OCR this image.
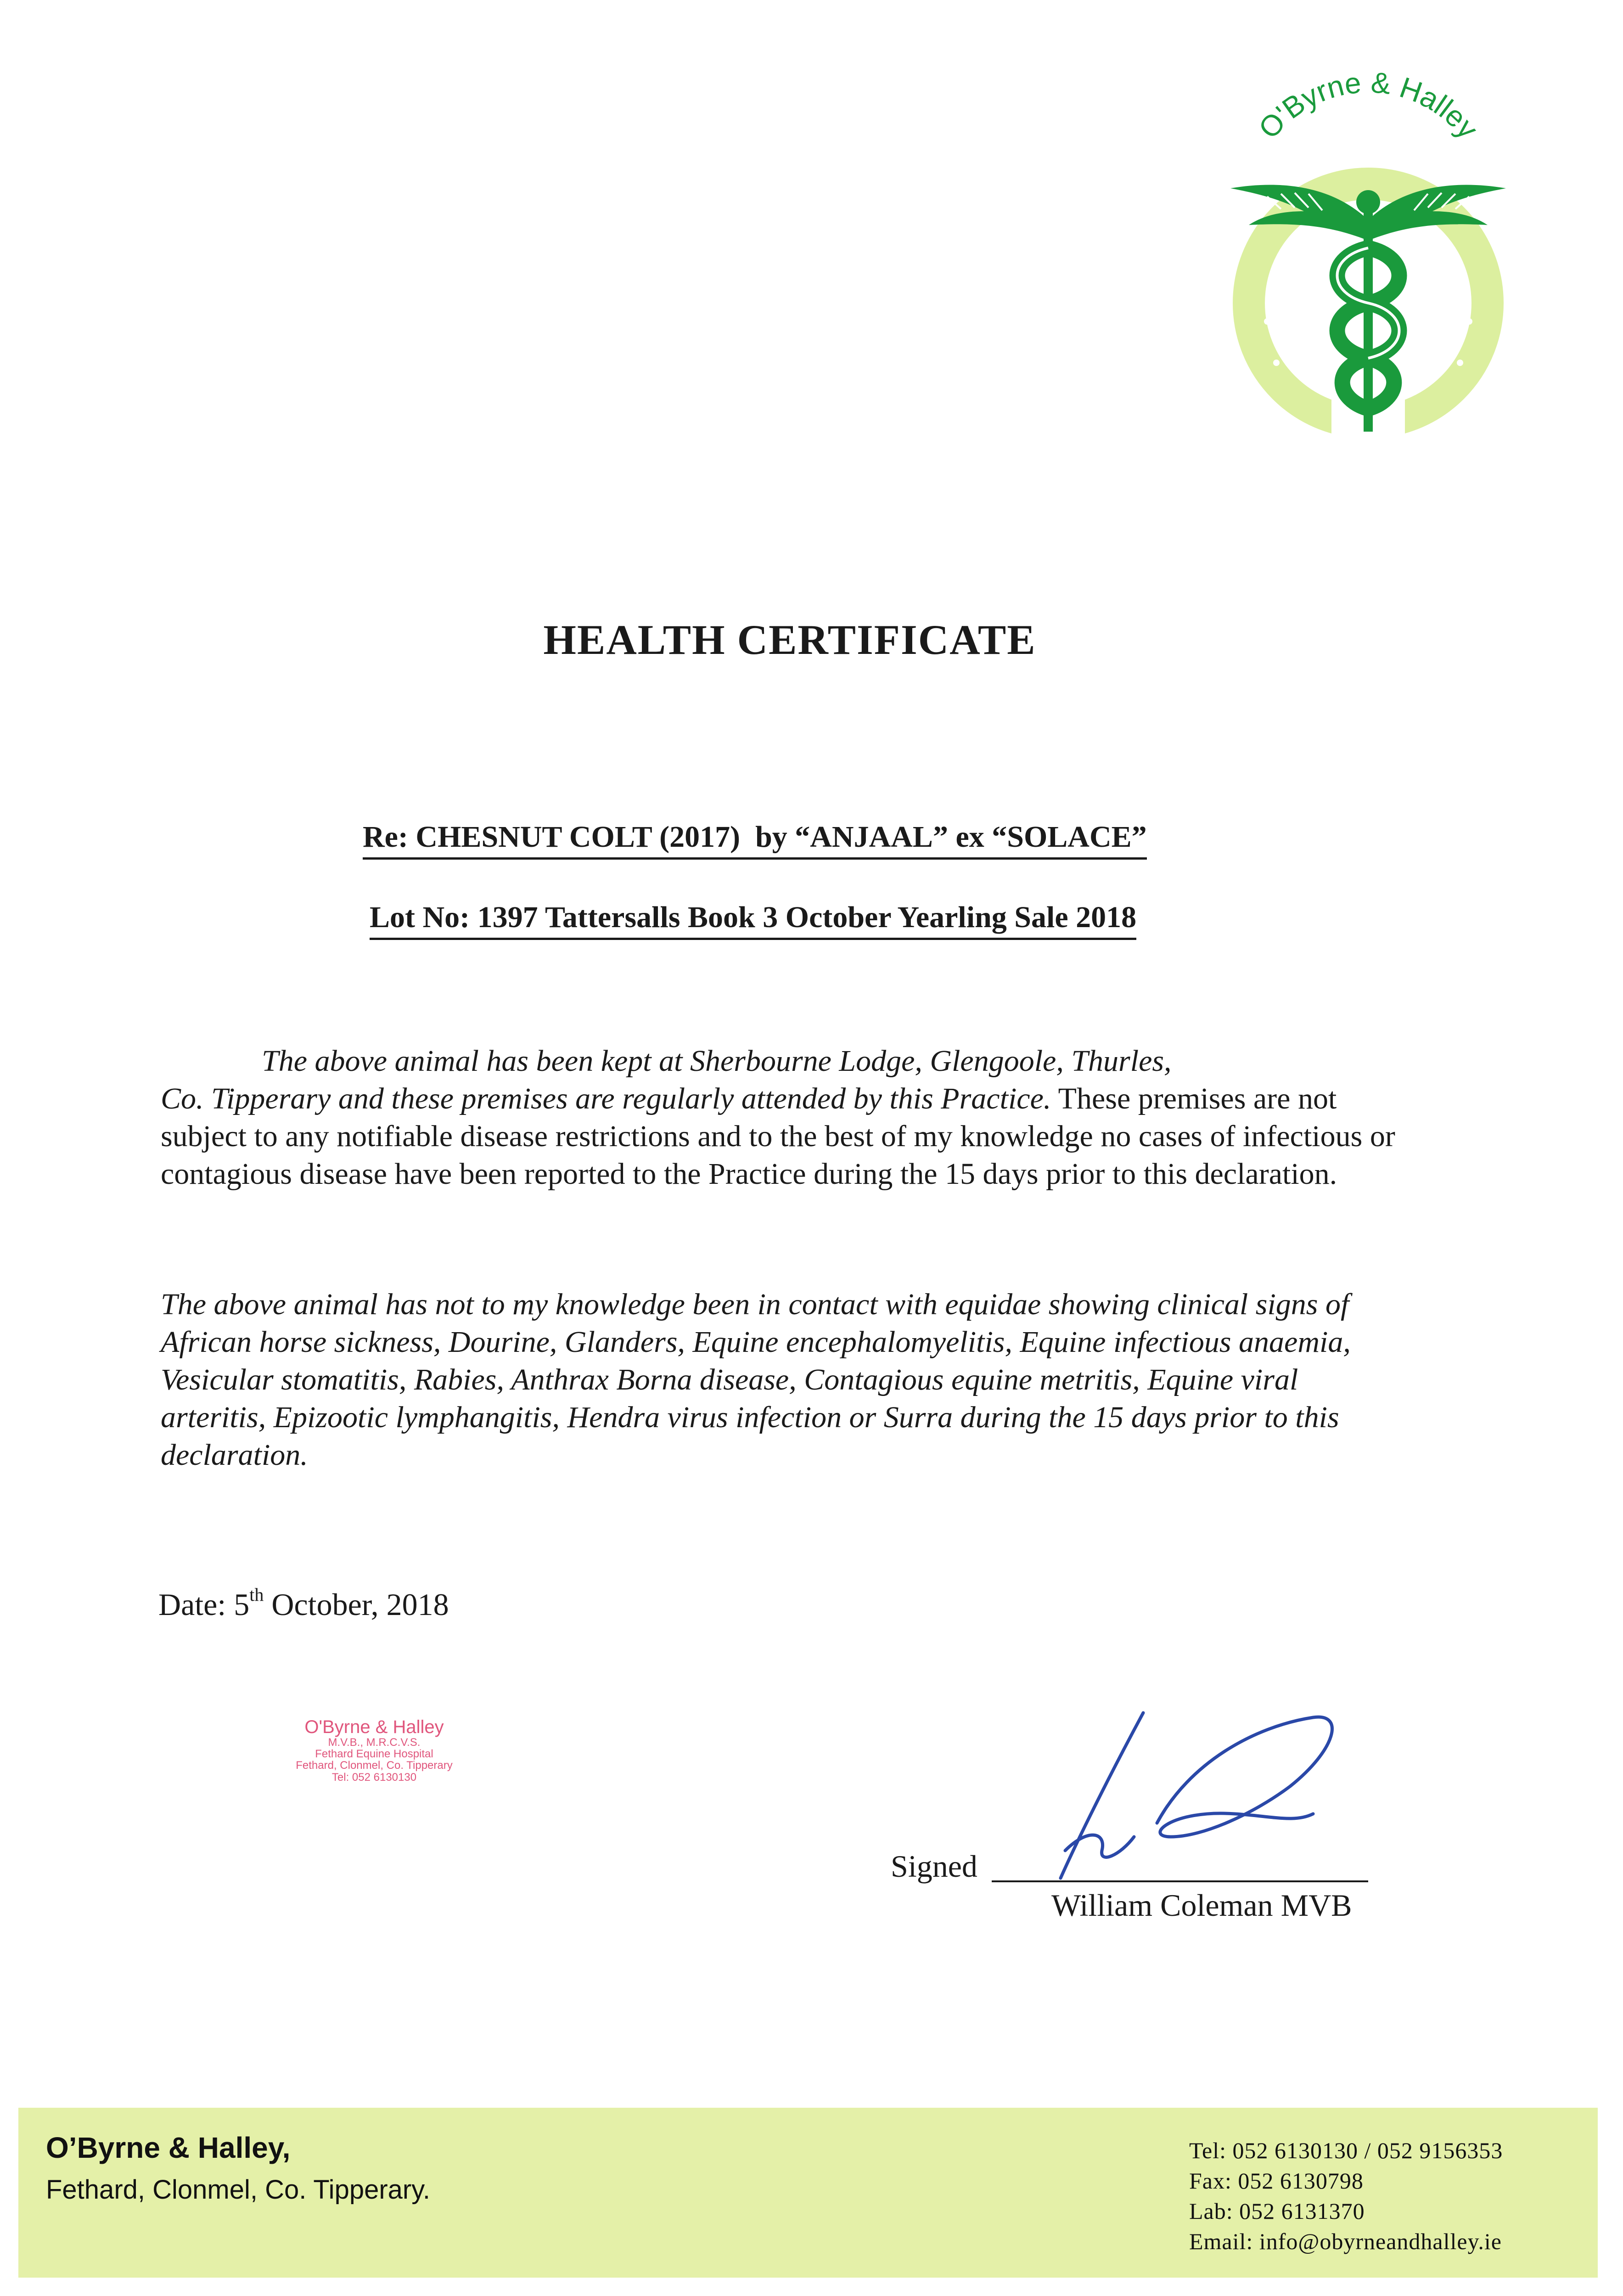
O'Byrne & Halley
HEALTH CERTIFICATE
Re: CHESNUT COLT (2017)  by “ANJAAL” ex “SOLACE”
Lot No: 1397 Tattersalls Book 3 October Yearling Sale 2018
The above animal has been kept at Sherbourne Lodge, Glengoole, Thurles,
Co. Tipperary and these premises are regularly attended by this Practice. These premises are not subject to any notifiable disease restrictions and to the best of my knowledge no cases of infectious or contagious disease have been reported to the Practice during the 15 days prior to this declaration.
The above animal has not to my knowledge been in contact with equidae showing clinical signs of African horse sickness, Dourine, Glanders, Equine encephalomyelitis, Equine infectious anaemia, Vesicular stomatitis, Rabies, Anthrax Borna disease, Contagious equine metritis, Equine viral arteritis, Epizootic lymphangitis, Hendra virus infection or Surra during the 15 days prior to this declaration.
Date: 5th October, 2018
O'Byrne & Halley
M.V.B., M.R.C.V.S.
Fethard Equine Hospital
Fethard, Clonmel, Co. Tipperary
Tel: 052 6130130
Signed
William Coleman MVB
O’Byrne & Halley,
Fethard, Clonmel, Co. Tipperary.
Tel: 052 6130130 / 052 9156353
Fax: 052 6130798
Lab: 052 6131370
Email: info@obyrneandhalley.ie
